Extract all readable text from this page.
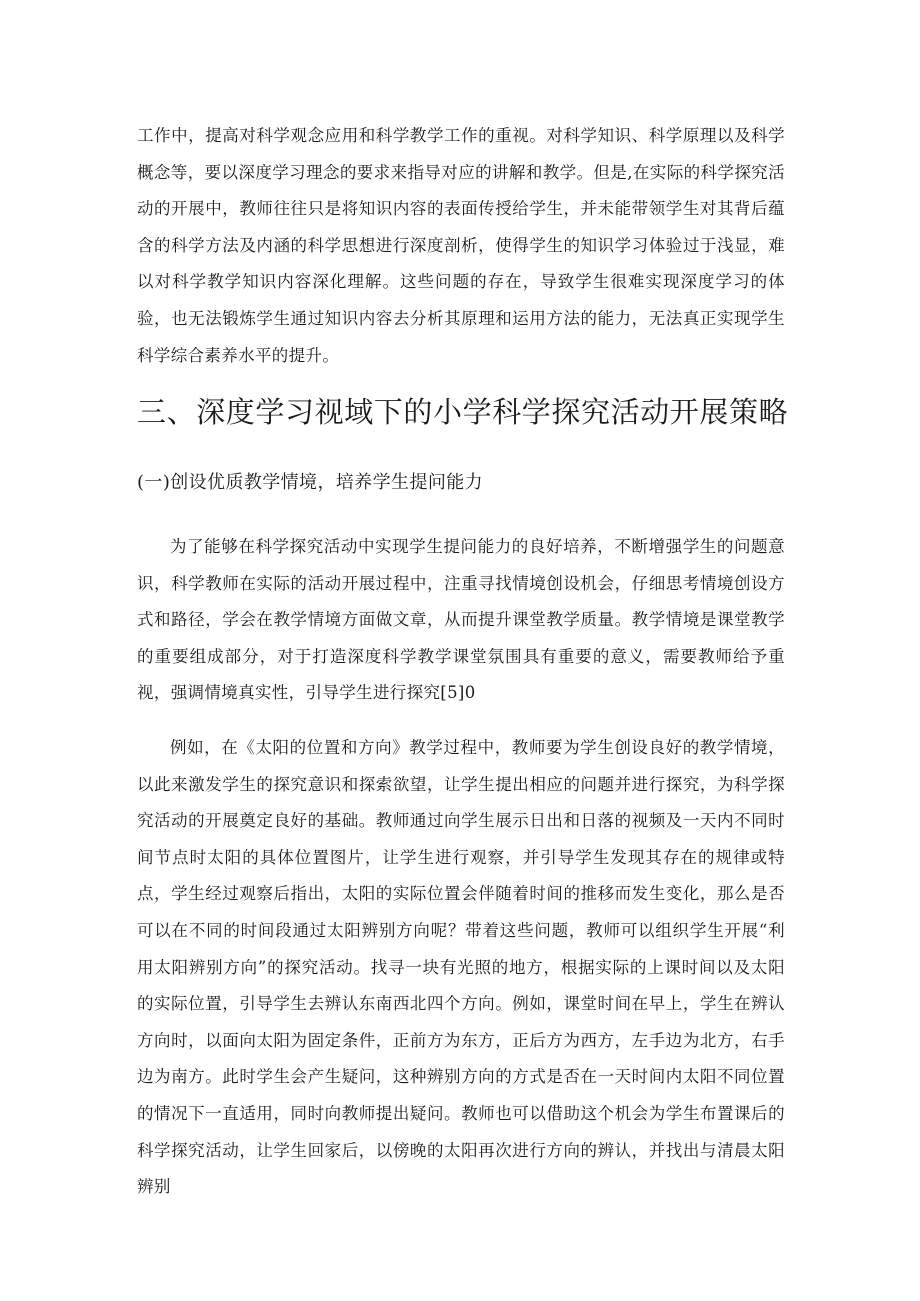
工作中，提高对科学观念应用和科学教学工作的重视。对科学知识、科学原理以及科学概念等，要以深度学习理念的要求来指导对应的讲解和教学。但是,在实际的科学探究活动的开展中，教师往往只是将知识内容的表面传授给学生，并未能带领学生对其背后蕴含的科学方法及内涵的科学思想进行深度剖析，使得学生的知识学习体验过于浅显，难以对科学教学知识内容深化理解。这些问题的存在，导致学生很难实现深度学习的体验，也无法锻炼学生通过知识内容去分析其原理和运用方法的能力，无法真正实现学生科学综合素养水平的提升。

三、深度学习视域下的小学科学探究活动开展策略
(一)创设优质教学情境，培养学生提问能力

为了能够在科学探究活动中实现学生提问能力的良好培养，不断增强学生的问题意识，科学教师在实际的活动开展过程中，注重寻找情境创设机会，仔细思考情境创设方式和路径，学会在教学情境方面做文章，从而提升课堂教学质量。教学情境是课堂教学的重要组成部分，对于打造深度科学教学课堂氛围具有重要的意义，需要教师给予重视，强调情境真实性，引导学生进行探究[5]0

例如，在《太阳的位置和方向》教学过程中，教师要为学生创设良好的教学情境，以此来激发学生的探究意识和探索欲望，让学生提出相应的问题并进行探究，为科学探究活动的开展奠定良好的基础。教师通过向学生展示日出和日落的视频及一天内不同时间节点时太阳的具体位置图片，让学生进行观察，并引导学生发现其存在的规律或特点，学生经过观察后指出，太阳的实际位置会伴随着时间的推移而发生变化，那么是否可以在不同的时间段通过太阳辨别方向呢？带着这些问题，教师可以组织学生开展“利用太阳辨别方向”的探究活动。找寻一块有光照的地方，根据实际的上课时间以及太阳的实际位置，引导学生去辨认东南西北四个方向。例如，课堂时间在早上，学生在辨认方向时，以面向太阳为固定条件，正前方为东方，正后方为西方，左手边为北方，右手边为南方。此时学生会产生疑问，这种辨别方向的方式是否在一天时间内太阳不同位置的情况下一直适用，同时向教师提出疑问。教师也可以借助这个机会为学生布置课后的科学探究活动，让学生回家后，以傍晚的太阳再次进行方向的辨认，并找出与清晨太阳辨别
